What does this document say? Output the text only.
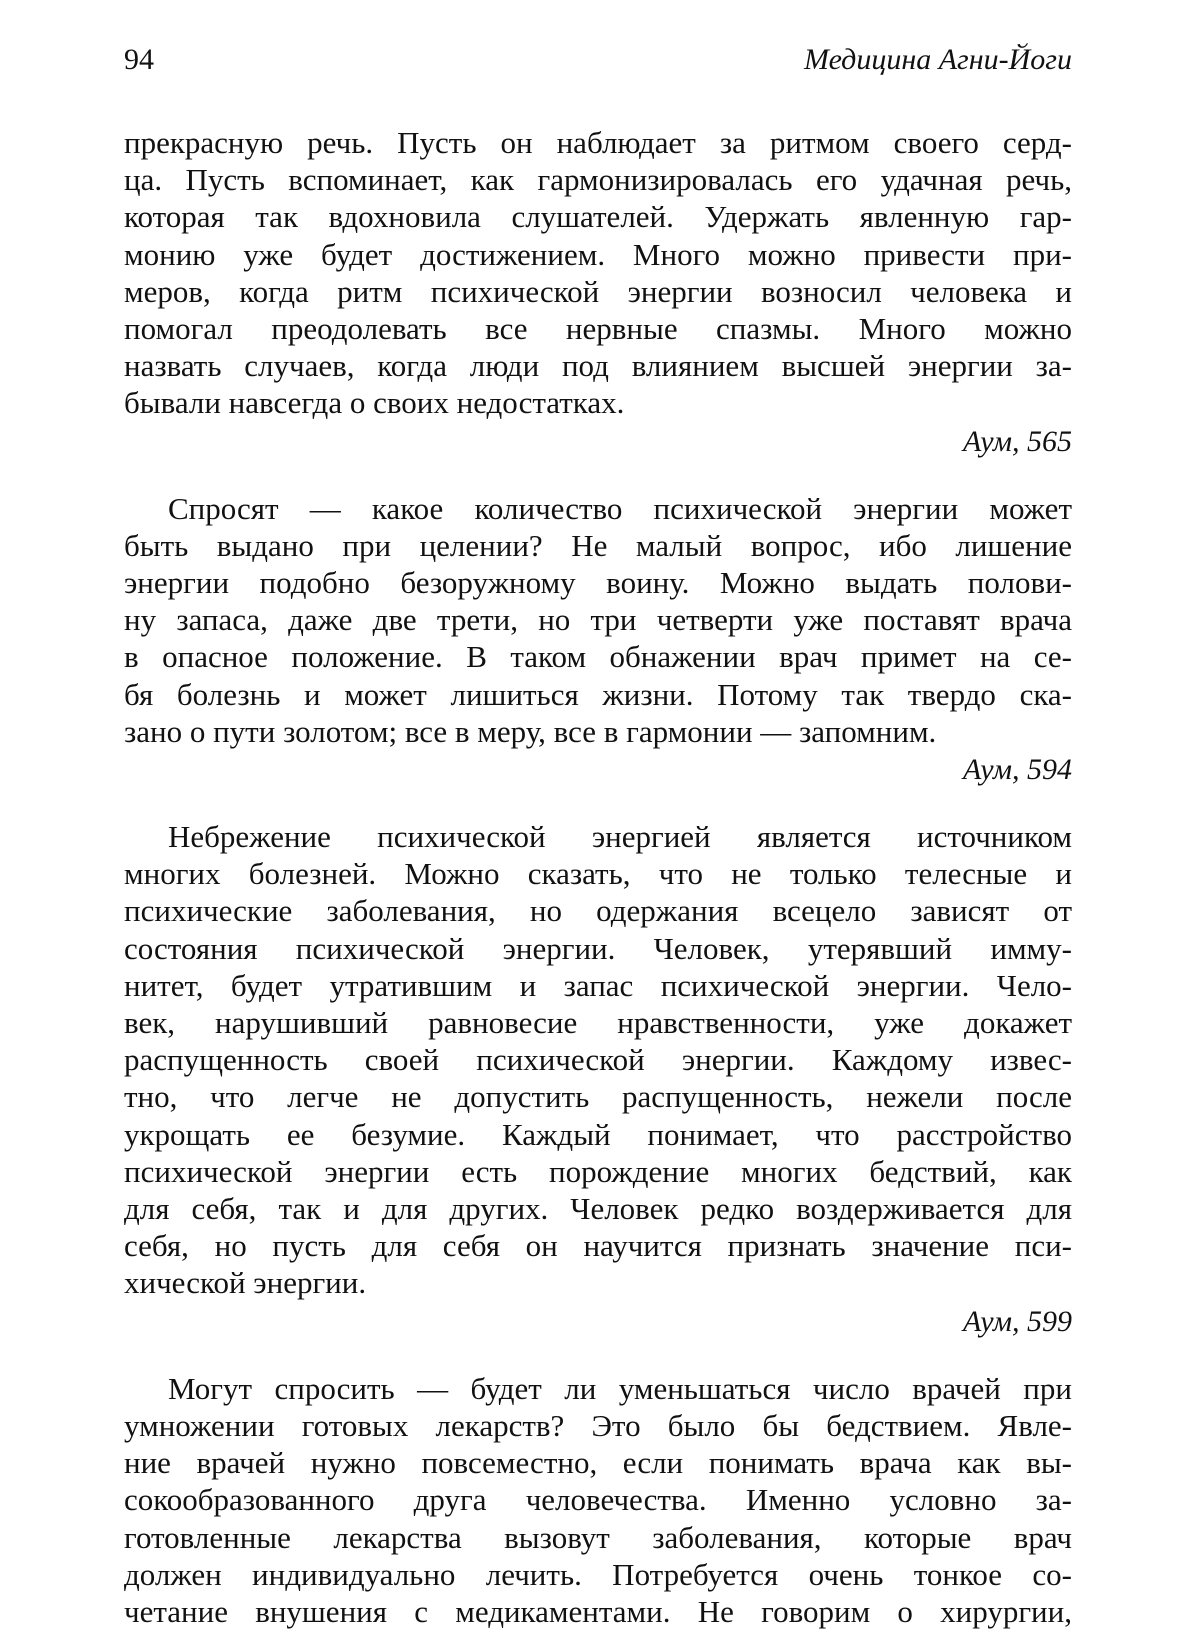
94	Медицина Агни-Йоги

прекрасную речь. Пусть он наблюдает за ритмом своего серд-
ца. Пусть вспоминает, как гармонизировалась его удачная речь,
которая так вдохновила слушателей. Удержать явленную гар-
монию уже будет достижением. Много можно привести при-
меров, когда ритм психической энергии возносил человека и
помогал преодолевать все нервные спазмы. Много можно
назвать случаев, когда люди под влиянием высшей энергии за-
бывали навсегда о своих недостатках.

Аум, 565

Спросят — какое количество психической энергии может
быть выдано при целении? Не малый вопрос, ибо лишение
энергии подобно безоружному воину. Можно выдать полови-
ну запаса, даже две трети, но три четверти уже поставят врача
в опасное положение. В таком обнажении врач примет на се-
бя болезнь и может лишиться жизни. Потому так твердо ска-
зано о пути золотом; все в меру, все в гармонии — запомним.

Аум, 594

Небрежение психической энергией является источником
многих болезней. Можно сказать, что не только телесные и
психические заболевания, но одержания всецело зависят от
состояния психической энергии. Человек, утерявший имму-
нитет, будет утратившим и запас психической энергии. Чело-
век, нарушивший равновесие нравственности, уже докажет
распущенность своей психической энергии. Каждому извес-
тно, что легче не допустить распущенность, нежели после
укрощать ее безумие. Каждый понимает, что расстройство
психической энергии есть порождение многих бедствий, как
для себя, так и для других. Человек редко воздерживается для
себя, но пусть для себя он научится признать значение пси-
хической энергии.

Аум, 599

Могут спросить — будет ли уменьшаться число врачей при
умножении готовых лекарств? Это было бы бедствием. Явле-
ние врачей нужно повсеместно, если понимать врача как вы-
сокообразованного друга человечества. Именно условно за-
готовленные лекарства вызовут заболевания, которые врач
должен индивидуально лечить. Потребуется очень тонкое со-
четание внушения с медикаментами. Не говорим о хирургии,
